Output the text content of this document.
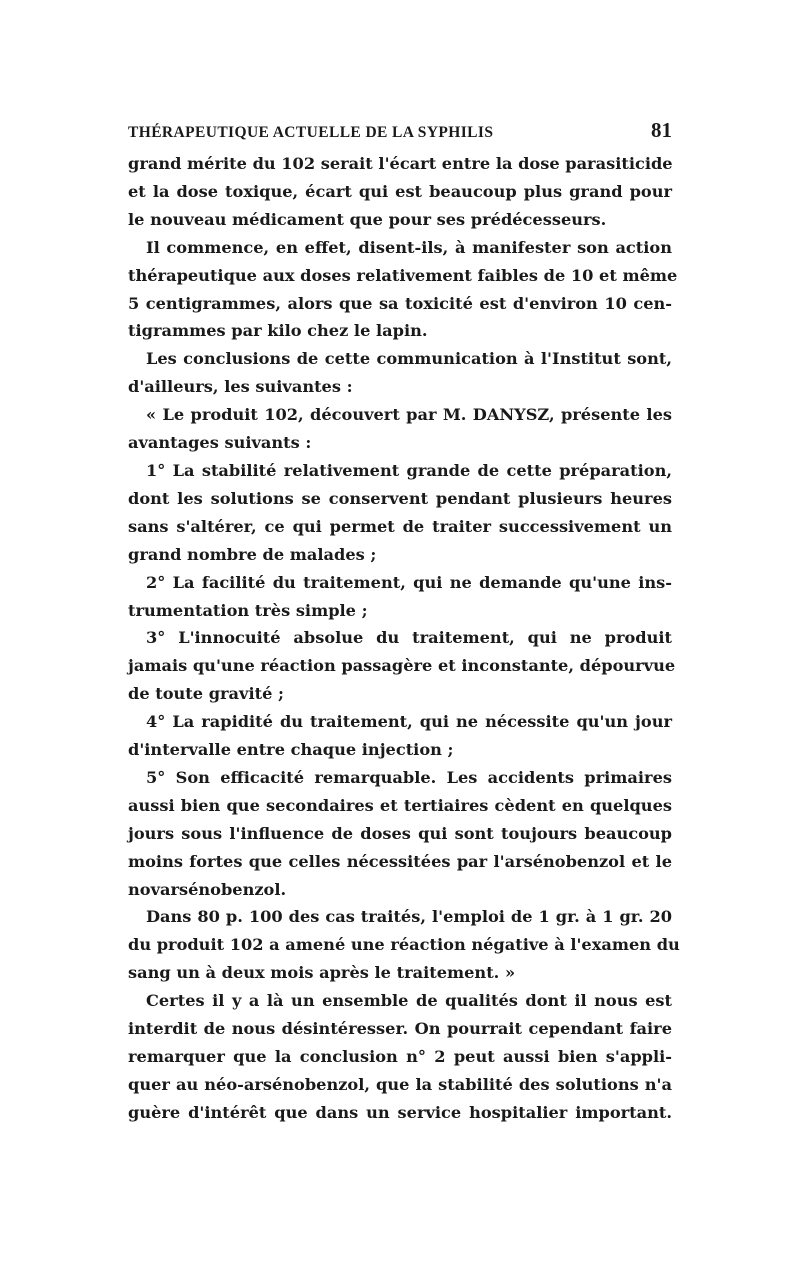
THÉRAPEUTIQUE ACTUELLE DE LA SYPHILIS	81
grand mérite du 102 serait l'écart entre la dose parasiticide
et la dose toxique, écart qui est beaucoup plus grand pour
le nouveau médicament que pour ses prédécesseurs.
Il commence, en effet, disent-ils, à manifester son action
thérapeutique aux doses relativement faibles de 10 et même
5 centigrammes, alors que sa toxicité est d'environ 10 cen-
tigrammes par kilo chez le lapin.
Les conclusions de cette communication à l'Institut sont,
d'ailleurs, les suivantes :
« Le produit 102, découvert par M. DANYSZ, présente les
avantages suivants :
1° La stabilité relativement grande de cette préparation,
dont les solutions se conservent pendant plusieurs heures
sans s'altérer, ce qui permet de traiter successivement un
grand nombre de malades ;
2° La facilité du traitement, qui ne demande qu'une ins-
trumentation très simple ;
3° L'innocuité absolue du traitement, qui ne produit
jamais qu'une réaction passagère et inconstante, dépourvue
de toute gravité ;
4° La rapidité du traitement, qui ne nécessite qu'un jour
d'intervalle entre chaque injection ;
5° Son efficacité remarquable. Les accidents primaires
aussi bien que secondaires et tertiaires cèdent en quelques
jours sous l'influence de doses qui sont toujours beaucoup
moins fortes que celles nécessitées par l'arsénobenzol et le
novarsénobenzol.
Dans 80 p. 100 des cas traités, l'emploi de 1 gr. à 1 gr. 20
du produit 102 a amené une réaction négative à l'examen du
sang un à deux mois après le traitement. »
Certes il y a là un ensemble de qualités dont il nous est
interdit de nous désintéresser. On pourrait cependant faire
remarquer que la conclusion n° 2 peut aussi bien s'appli-
quer au néo-arsénobenzol, que la stabilité des solutions n'a
guère d'intérêt que dans un service hospitalier important.
